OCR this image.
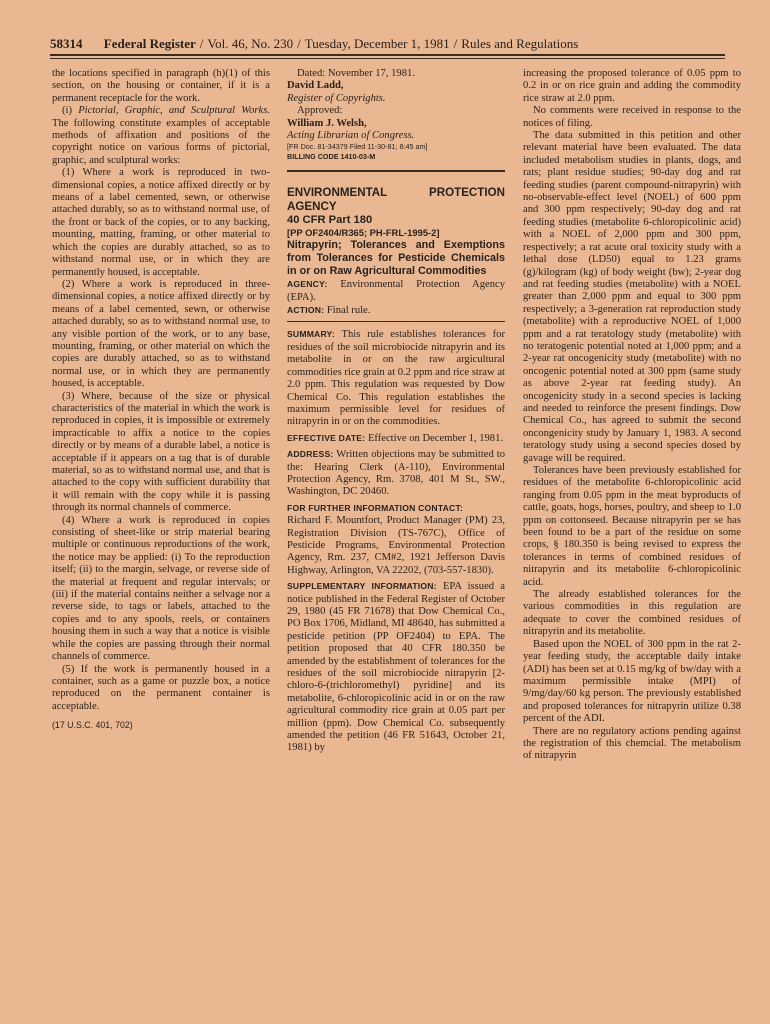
58314 Federal Register / Vol. 46, No. 230 / Tuesday, December 1, 1981 / Rules and Regulations

the locations specified in paragraph (h)(1) of this section, on the housing or container, if it is a permanent receptacle for the work.

(i) Pictorial, Graphic, and Sculptural Works. The following constitute examples of acceptable methods of affixation and positions of the copyright notice on various forms of pictorial, graphic, and sculptural works:

(1) Where a work is reproduced in two-dimensional copies, a notice affixed directly or by means of a label cemented, sewn, or otherwise attached durably, so as to withstand normal use, of the front or back of the copies, or to any backing, mounting, matting, framing, or other material to which the copies are durably attached, so as to withstand normal use, or in which they are permanently housed, is acceptable.

(2) Where a work is reproduced in three-dimensional copies, a notice affixed directly or by means of a label cemented, sewn, or otherwise attached durably, so as to withstand normal use, to any visible portion of the work, or to any base, mounting, framing, or other material on which the copies are durably attached, so as to withstand normal use, or in which they are permanently housed, is acceptable.

(3) Where, because of the size or physical characteristics of the material in which the work is reproduced in copies, it is impossible or extremely impracticable to affix a notice to the copies directly or by means of a durable label, a notice is acceptable if it appears on a tag that is of durable material, so as to withstand normal use, and that is attached to the copy with sufficient durability that it will remain with the copy while it is passing through its normal channels of commerce.

(4) Where a work is reproduced in copies consisting of sheet-like or strip material bearing multiple or continuous reproductions of the work, the notice may be applied: (i) To the reproduction itself; (ii) to the margin, selvage, or reverse side of the material at frequent and regular intervals; or (iii) if the material contains neither a selvage nor a reverse side, to tags or labels, attached to the copies and to any spools, reels, or containers housing them in such a way that a notice is visible while the copies are passing through their normal channels of commerce.

(5) If the work is permanently housed in a container, such as a game or puzzle box, a notice reproduced on the permanent container is acceptable.

(17 U.S.C. 401, 702)

Dated: November 17, 1981.

David Ladd,

Register of Copyrights.

Approved:

William J. Welsh,

Acting Librarian of Congress.

[FR Doc. 81-34379 Filed 11-30-81; 8:45 am]

BILLING CODE 1410-03-M

ENVIRONMENTAL PROTECTION AGENCY

40 CFR Part 180

[PP OF2404/R365; PH-FRL-1995-2]

Nitrapyrin; Tolerances and Exemptions from Tolerances for Pesticide Chemicals in or on Raw Agricultural Commodities

AGENCY: Environmental Protection Agency (EPA).

ACTION: Final rule.

SUMMARY: This rule establishes tolerances for residues of the soil microbiocide nitrapyrin and its metabolite in or on the raw argicultural commodities rice grain at 0.2 ppm and rice straw at 2.0 ppm. This regulation was requested by Dow Chemical Co. This regulation establishes the maximum permissible level for residues of nitrapyrin in or on the commodities.

EFFECTIVE DATE: Effective on December 1, 1981.

ADDRESS: Written objections may be submitted to the: Hearing Clerk (A-110), Environmental Protection Agency, Rm. 3708, 401 M St., SW., Washington, DC 20460.

FOR FURTHER INFORMATION CONTACT:
Richard F. Mountfort, Product Manager (PM) 23, Registration Division (TS-767C), Office of Pesticide Programs, Environmental Protection Agency, Rm. 237, CM#2, 1921 Jefferson Davis Highway, Arlington, VA 22202, (703-557-1830).

SUPPLEMENTARY INFORMATION: EPA issued a notice published in the Federal Register of October 29, 1980 (45 FR 71678) that Dow Chemical Co., PO Box 1706, Midland, MI 48640, has submitted a pesticide petition (PP OF2404) to EPA. The petition proposed that 40 CFR 180.350 be amended by the establishment of tolerances for the residues of the soil microbiocide nitrapyrin [2-chloro-6-(trichloromethyl) pyridine] and its metabolite, 6-chloropicolinic acid in or on the raw agricultural commodity rice grain at 0.05 part per million (ppm). Dow Chemical Co. subsequently amended the petition (46 FR 51643, October 21, 1981) by

increasing the proposed tolerance of 0.05 ppm to 0.2 in or on rice grain and adding the commodity rice straw at 2.0 ppm.

No comments were received in response to the notices of filing.

The data submitted in this petition and other relevant material have been evaluated. The data included metabolism studies in plants, dogs, and rats; plant residue studies; 90-day dog and rat feeding studies (parent compound-nitrapyrin) with no-observable-effect level (NOEL) of 600 ppm and 300 ppm respectively; 90-day dog and rat feeding studies (metabolite 6-chloropicolinic acid) with a NOEL of 2,000 ppm and 300 ppm, respectively; a rat acute oral toxicity study with a lethal dose (LD50) equal to 1.23 grams (g)/kilogram (kg) of body weight (bw); 2-year dog and rat feeding studies (metabolite) with a NOEL greater than 2,000 ppm and equal to 300 ppm respectively; a 3-generation rat reproduction study (metabolite) with a reproductive NOEL of 1,000 ppm and a rat teratology study (metabolite) with no teratogenic potential noted at 1,000 ppm; and a 2-year rat oncogenicity study (metabolite) with no oncogenic potential noted at 300 ppm (same study as above 2-year rat feeding study). An oncogenicity study in a second species is lacking and needed to reinforce the present findings. Dow Chemical Co., has agreed to submit the second oncongenicity study by January 1, 1983. A second teratology study using a second species dosed by gavage will be required.

Tolerances have been previously established for residues of the metabolite 6-chloropicolinic acid ranging from 0.05 ppm in the meat byproducts of cattle, goats, hogs, horses, poultry, and sheep to 1.0 ppm on cottonseed. Because nitrapyrin per se has been found to be a part of the residue on some crops, § 180.350 is being revised to express the tolerances in terms of combined residues of nitrapyrin and its metabolite 6-chloropicolinic acid.

The already established tolerances for the various commodities in this regulation are adequate to cover the combined residues of nitrapyrin and its metabolite.

Based upon the NOEL of 300 ppm in the rat 2-year feeding study, the acceptable daily intake (ADI) has been set at 0.15 mg/kg of bw/day with a maximum permissible intake (MPI) of 9/mg/day/60 kg person. The previously established and proposed tolerances for nitrapyrin utilize 0.38 percent of the ADI.

There are no regulatory actions pending against the registration of this chemcial. The metabolism of nitrapyrin
